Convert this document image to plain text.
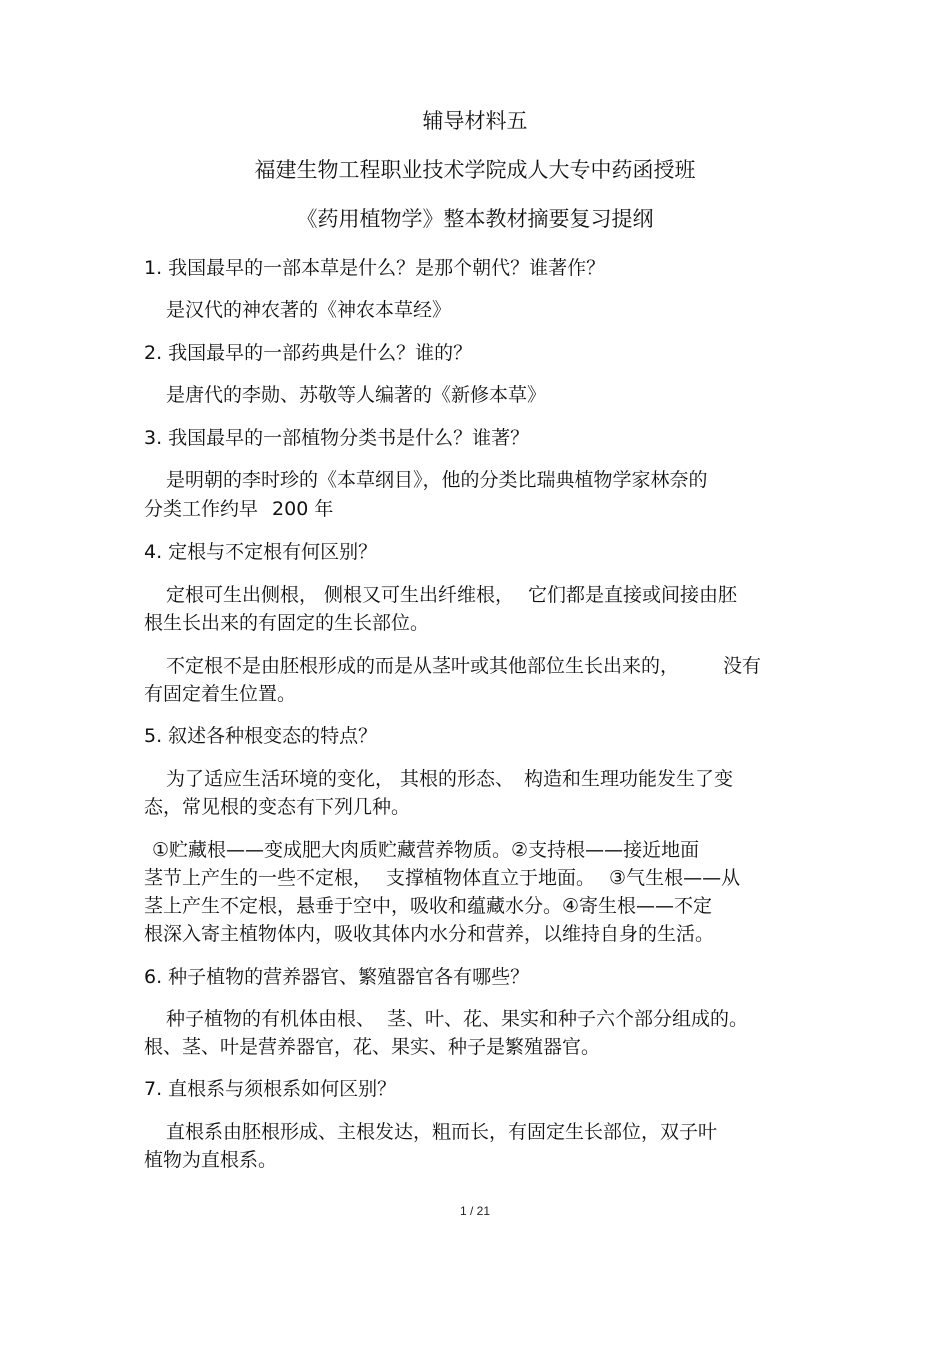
辅导材料五
福建生物工程职业技术学院成人大专中药函授班
《药用植物学》整本教材摘要复习提纲
1. 我国最早的一部本草是什么？是那个朝代？谁著作？
是汉代的神农著的《神农本草经》
2. 我国最早的一部药典是什么？谁的？
是唐代的李勋、苏敬等人编著的《新修本草》
3. 我国最早的一部植物分类书是什么？谁著？
是明朝的李时珍的《本草纲目》，他的分类比瑞典植物学家林奈的
分类工作约早 200 年
4. 定根与不定根有何区别？
定根可生出侧根， 侧根又可生出纤维根， 它们都是直接或间接由胚
根生长出来的有固定的生长部位。
不定根不是由胚根形成的而是从茎叶或其他部位生长出来的， 没有
有固定着生位置。
5. 叙述各种根变态的特点？
为了适应生活环境的变化， 其根的形态、 构造和生理功能发生了变
态，常见根的变态有下列几种。
①贮藏根——变成肥大肉质贮藏营养物质。②支持根——接近地面
茎节上产生的一些不定根， 支撑植物体直立于地面。 ③气生根——从
茎上产生不定根，悬垂于空中，吸收和蕴藏水分。④寄生根——不定
根深入寄主植物体内，吸收其体内水分和营养，以维持自身的生活。
6. 种子植物的营养器官、繁殖器官各有哪些？
种子植物的有机体由根、 茎、叶、花、果实和种子六个部分组成的。
根、茎、叶是营养器官，花、果实、种子是繁殖器官。
7. 直根系与须根系如何区别？
直根系由胚根形成、主根发达，粗而长，有固定生长部位，双子叶
植物为直根系。
1 / 21
